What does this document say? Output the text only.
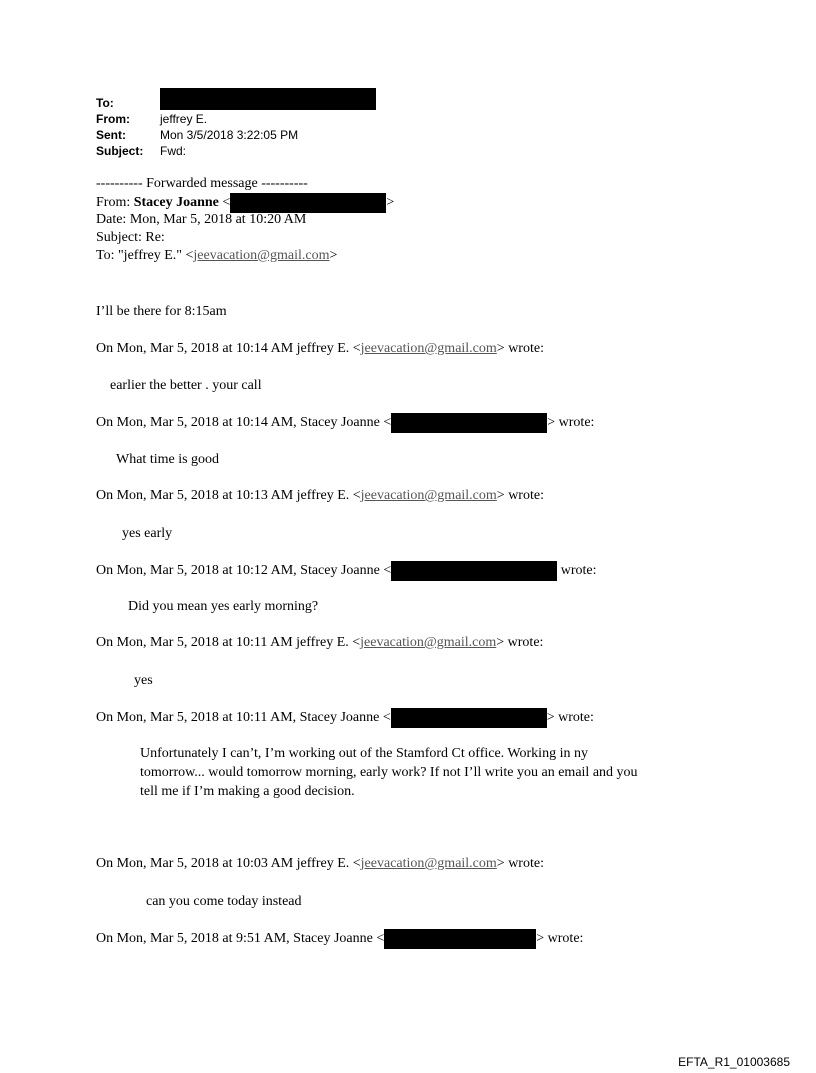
To:
From:	jeffrey E.
Sent:	Mon 3/5/2018 3:22:05 PM
Subject:	Fwd:
---------- Forwarded message ----------
From: Stacey Joanne <	>
Date: Mon, Mar 5, 2018 at 10:20 AM
Subject: Re:
To: "jeffrey E." <jeevacation@gmail.com>
I’ll be there for 8:15am
On Mon, Mar 5, 2018 at 10:14 AM jeffrey E. <jeevacation@gmail.com> wrote:
earlier the better . your call
On Mon, Mar 5, 2018 at 10:14 AM, Stacey Joanne <	> wrote:
What time is good
On Mon, Mar 5, 2018 at 10:13 AM jeffrey E. <jeevacation@gmail.com> wrote:
yes early
On Mon, Mar 5, 2018 at 10:12 AM, Stacey Joanne <	wrote:
Did you mean yes early morning?
On Mon, Mar 5, 2018 at 10:11 AM jeffrey E. <jeevacation@gmail.com> wrote:
yes
On Mon, Mar 5, 2018 at 10:11 AM, Stacey Joanne <	> wrote:
Unfortunately I can’t, I’m working out of the Stamford Ct office. Working in ny
tomorrow... would tomorrow morning, early work? If not I’ll write you an email and you
tell me if I’m making a good decision.
On Mon, Mar 5, 2018 at 10:03 AM jeffrey E. <jeevacation@gmail.com> wrote:
can you come today instead
On Mon, Mar 5, 2018 at 9:51 AM, Stacey Joanne <	> wrote:
EFTA_R1_01003685
